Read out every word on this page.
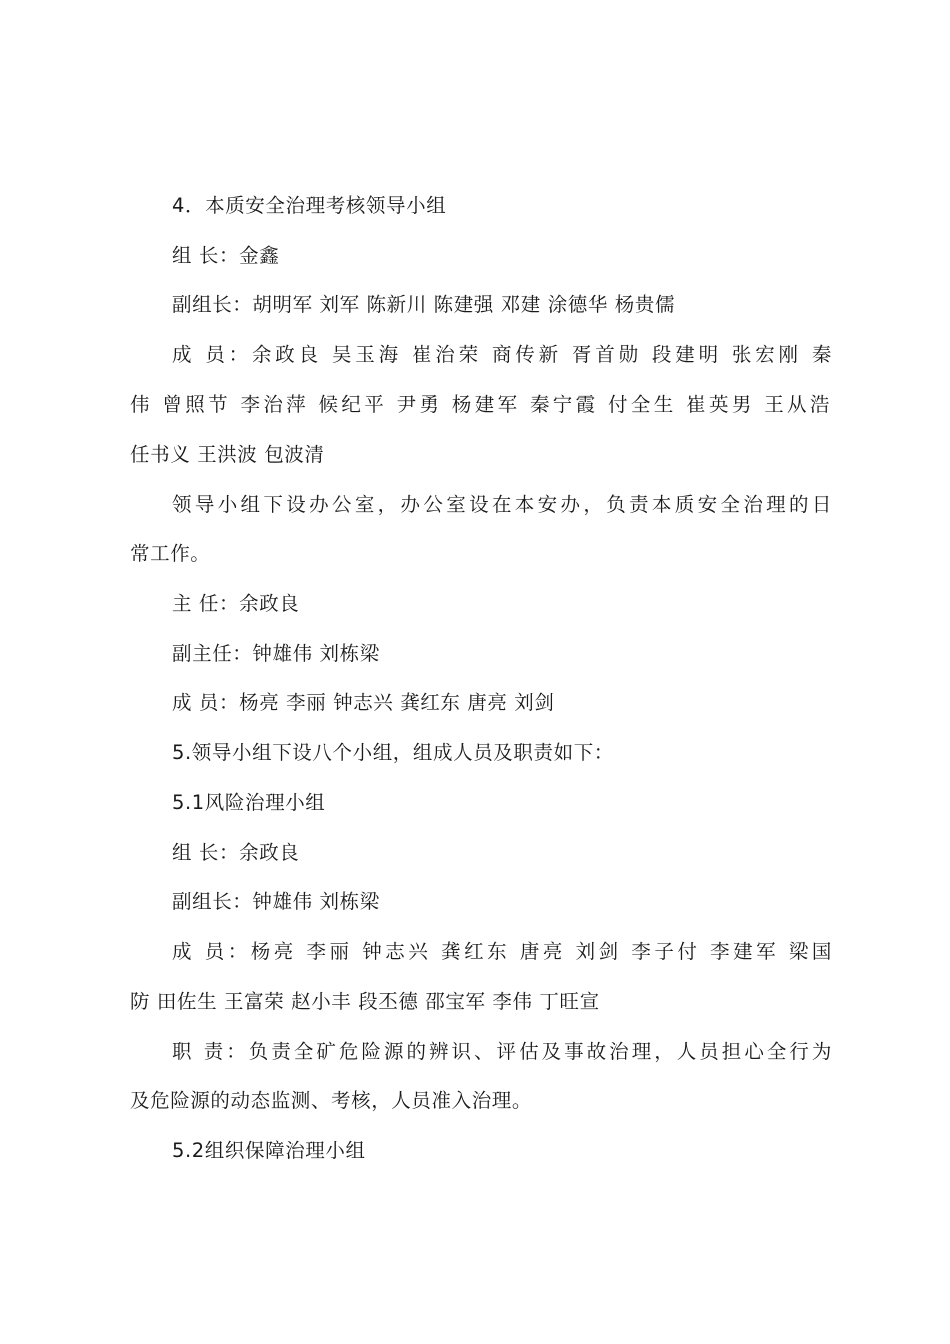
4．本质安全治理考核领导小组
组 长：金鑫
副组长：胡明军 刘军 陈新川 陈建强 邓建 涂德华 杨贵儒
成 员：余政良 吴玉海 崔治荣 商传新 胥首勋 段建明 张宏刚 秦
伟 曾照节 李治萍 候纪平 尹勇 杨建军 秦宁霞 付全生 崔英男 王从浩
任书义 王洪波 包波清
领导小组下设办公室，办公室设在本安办，负责本质安全治理的日
常工作。
主 任：余政良
副主任：钟雄伟 刘栋梁
成 员：杨亮 李丽 钟志兴 龚红东 唐亮 刘剑
5.领导小组下设八个小组，组成人员及职责如下：
5.1风险治理小组
组 长：余政良
副组长：钟雄伟 刘栋梁
成 员：杨亮 李丽 钟志兴 龚红东 唐亮 刘剑 李子付 李建军 梁国
防 田佐生 王富荣 赵小丰 段丕德 邵宝军 李伟 丁旺宣
职 责：负责全矿危险源的辨识、评估及事故治理，人员担心全行为
及危险源的动态监测、考核，人员准入治理。
5.2组织保障治理小组
